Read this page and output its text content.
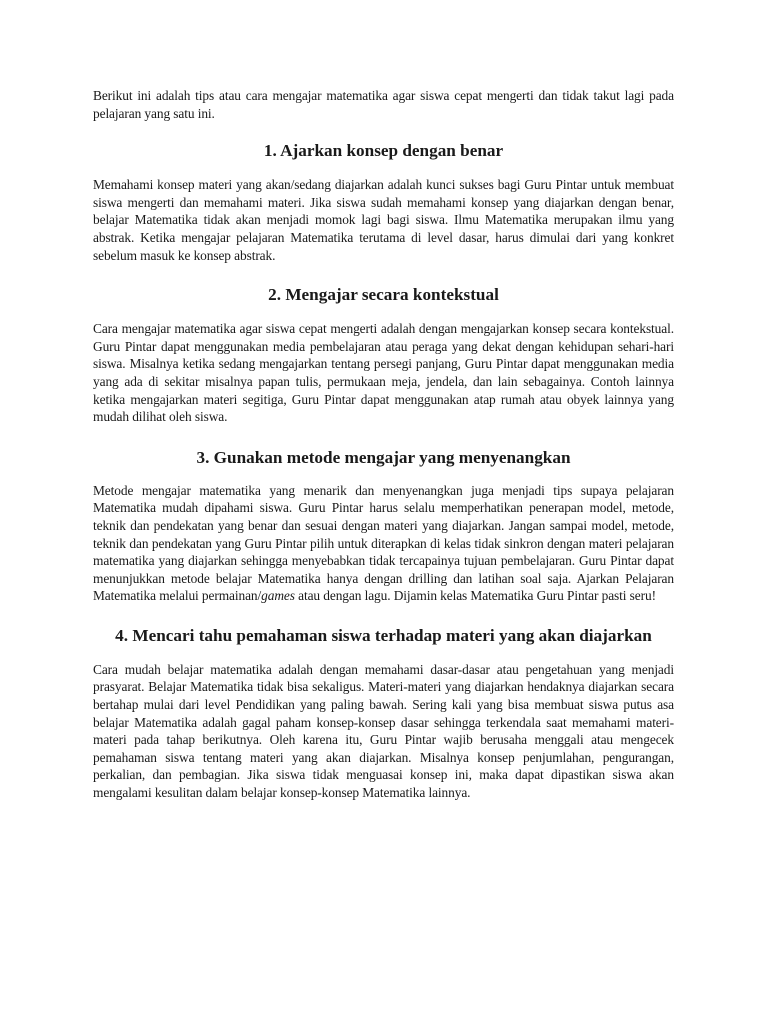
Berikut ini adalah tips atau cara mengajar matematika agar siswa cepat mengerti dan tidak takut lagi pada pelajaran yang satu ini.

1. Ajarkan konsep dengan benar

Memahami konsep materi yang akan/sedang diajarkan adalah kunci sukses bagi Guru Pintar untuk membuat siswa mengerti dan memahami materi. Jika siswa sudah memahami konsep yang diajarkan dengan benar, belajar Matematika tidak akan menjadi momok lagi bagi siswa. Ilmu Matematika merupakan ilmu yang abstrak. Ketika mengajar pelajaran Matematika terutama di level dasar, harus dimulai dari yang konkret sebelum masuk ke konsep abstrak.

2. Mengajar secara kontekstual

Cara mengajar matematika agar siswa cepat mengerti adalah dengan mengajarkan konsep secara kontekstual. Guru Pintar dapat menggunakan media pembelajaran atau peraga yang dekat dengan kehidupan sehari-hari siswa. Misalnya ketika sedang mengajarkan tentang persegi panjang, Guru Pintar dapat menggunakan media yang ada di sekitar misalnya papan tulis, permukaan meja, jendela, dan lain sebagainya. Contoh lainnya ketika mengajarkan materi segitiga, Guru Pintar dapat menggunakan atap rumah atau obyek lainnya yang mudah dilihat oleh siswa.

3. Gunakan metode mengajar yang menyenangkan

Metode mengajar matematika yang menarik dan menyenangkan juga menjadi tips supaya pelajaran Matematika mudah dipahami siswa. Guru Pintar harus selalu memperhatikan penerapan model, metode, teknik dan pendekatan yang benar dan sesuai dengan materi yang diajarkan. Jangan sampai model, metode, teknik dan pendekatan yang Guru Pintar pilih untuk diterapkan di kelas tidak sinkron dengan materi pelajaran matematika yang diajarkan sehingga menyebabkan tidak tercapainya tujuan pembelajaran. Guru Pintar dapat menunjukkan metode belajar Matematika hanya dengan drilling dan latihan soal saja. Ajarkan Pelajaran Matematika melalui permainan/games atau dengan lagu. Dijamin kelas Matematika Guru Pintar pasti seru!

4. Mencari tahu pemahaman siswa terhadap materi yang akan diajarkan

Cara mudah belajar matematika adalah dengan memahami dasar-dasar atau pengetahuan yang menjadi prasyarat. Belajar Matematika tidak bisa sekaligus. Materi-materi yang diajarkan hendaknya diajarkan secara bertahap mulai dari level Pendidikan yang paling bawah. Sering kali yang bisa membuat siswa putus asa belajar Matematika adalah gagal paham konsep-konsep dasar sehingga terkendala saat memahami materi-materi pada tahap berikutnya. Oleh karena itu, Guru Pintar wajib berusaha menggali atau mengecek pemahaman siswa tentang materi yang akan diajarkan. Misalnya konsep penjumlahan, pengurangan, perkalian, dan pembagian. Jika siswa tidak menguasai konsep ini, maka dapat dipastikan siswa akan mengalami kesulitan dalam belajar konsep-konsep Matematika lainnya.
